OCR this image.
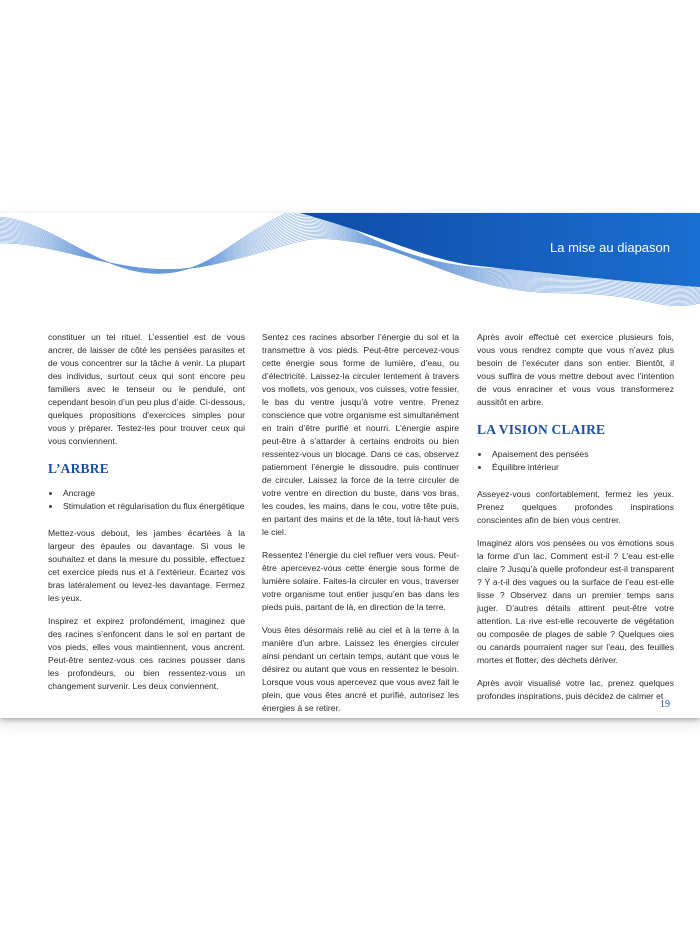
La mise au diapason

constituer un tel rituel. L’essentiel est de vous ancrer, de laisser de côté les pensées parasites et de vous concentrer sur la tâche à venir. La plupart des individus, surtout ceux qui sont encore peu familiers avec le tenseur ou le pendule, ont cependant besoin d’un peu plus d’aide. Ci-dessous, quelques propositions d’exercices simples pour vous y préparer. Testez-les pour trouver ceux qui vous conviennent.

L’ARBRE
• Ancrage
• Stimulation et régularisation du flux énergétique

Mettez-vous debout, les jambes écartées à la largeur des épaules ou davantage. Si vous le souhaitez et dans la mesure du possible, effectuez cet exercice pieds nus et à l’extérieur. Écartez vos bras latéralement ou levez-les davantage. Fermez les yeux.

Inspirez et expirez profondément, imaginez que des racines s’enfoncent dans le sol en partant de vos pieds, elles vous maintiennent, vous ancrent. Peut-être sentez-vous ces racines pousser dans les profondeurs, ou bien ressentez-vous un changement survenir. Les deux conviennent.

Sentez ces racines absorber l’énergie du sol et la transmettre à vos pieds. Peut-être percevez-vous cette énergie sous forme de lumière, d’eau, ou d’électricité. Laissez-la circuler lentement à travers vos mollets, vos genoux, vos cuisses, votre fessier, le bas du ventre jusqu’à votre ventre. Prenez conscience que votre organisme est simultanément en train d’être purifié et nourri. L’énergie aspire peut-être à s’attarder à certains endroits ou bien ressentez-vous un blocage. Dans ce cas, observez patiemment l’énergie le dissoudre, puis continuer de circuler. Laissez la force de la terre circuler de votre ventre en direction du buste, dans vos bras, les coudes, les mains, dans le cou, votre tête puis, en partant des mains et de la tête, tout là-haut vers le ciel.

Ressentez l’énergie du ciel refluer vers vous. Peut-être apercevez-vous cette énergie sous forme de lumière solaire. Faites-la circuler en vous, traverser votre organisme tout entier jusqu’en bas dans les pieds puis, partant de là, en direction de la terre.

Vous êtes désormais relié au ciel et à la terre à la manière d’un arbre. Laissez les énergies circuler ainsi pendant un certain temps, autant que vous le désirez ou autant que vous en ressentez le besoin. Lorsque vous vous apercevez que vous avez fait le plein, que vous êtes ancré et purifié, autorisez les énergies à se retirer.

Après avoir effectué cet exercice plusieurs fois, vous vous rendrez compte que vous n’avez plus besoin de l’exécuter dans son entier. Bientôt, il vous suffira de vous mettre debout avec l’intention de vous enraciner et vous vous transformerez aussitôt en arbre.

LA VISION CLAIRE
• Apaisement des pensées
• Équilibre intérieur

Asseyez-vous confortablement, fermez les yeux. Prenez quelques profondes inspirations conscientes afin de bien vous centrer.

Imaginez alors vos pensées ou vos émotions sous la forme d’un lac. Comment est-il ? L’eau est-elle claire ? Jusqu’à quelle profondeur est-il transparent ? Y a-t-il des vagues ou la surface de l’eau est-elle lisse ? Observez dans un premier temps sans juger. D’autres détails attirent peut-être votre attention. La rive est-elle recouverte de végétation ou composée de plages de sable ? Quelques oies ou canards pourraient nager sur l’eau, des feuilles mortes et flotter, des déchets dériver.

Après avoir visualisé votre lac, prenez quelques profondes inspirations, puis décidez de calmer et

19
